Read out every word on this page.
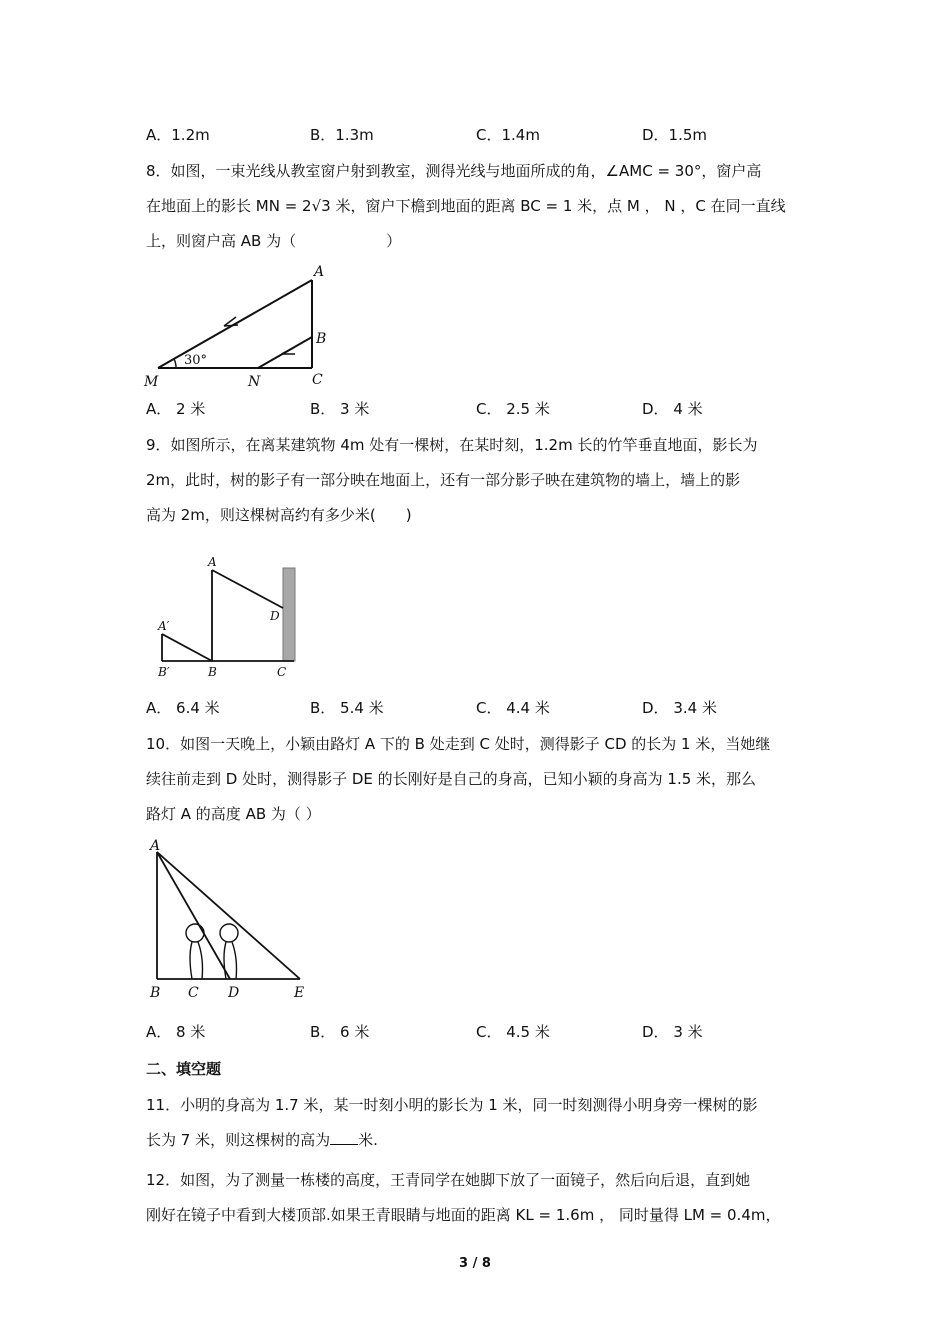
A．1.2m	B．1.3m	C．1.4m	D．1.5m
8．如图，一束光线从教室窗户射到教室，测得光线与地面所成的角，∠AMC = 30°，窗户高
在地面上的影长 MN = 2√3 米，窗户下檐到地面的距离 BC = 1 米，点 M ， N ，C 在同一直线
上，则窗户高 AB 为（　　　　　　）
A
B
C
M	N
30°
A． 2 米	B． 3 米	C． 2.5 米	D． 4 米
9．如图所示，在离某建筑物 4m 处有一棵树，在某时刻，1.2m 长的竹竿垂直地面，影长为
2m，此时，树的影子有一部分映在地面上，还有一部分影子映在建筑物的墙上，墙上的影
高为 2m，则这棵树高约有多少米(　　)
A
A′
B
B′	C
D
A． 6.4 米	B． 5.4 米	C． 4.4 米	D． 3.4 米
10．如图一天晚上，小颖由路灯 A 下的 B 处走到 C 处时，测得影子 CD 的长为 1 米，当她继
续往前走到 D 处时，测得影子 DE 的长刚好是自己的身高，已知小颖的身高为 1.5 米，那么
路灯 A 的高度 AB 为（ ）
A
B C D	E
A． 8 米	B． 6 米	C． 4.5 米	D． 3 米
二、填空题
11．小明的身高为 1.7 米，某一时刻小明的影长为 1 米，同一时刻测得小明身旁一棵树的影
长为 7 米，则这棵树的高为 米.
12．如图，为了测量一栋楼的高度，王青同学在她脚下放了一面镜子，然后向后退，直到她
刚好在镜子中看到大楼顶部.如果王青眼睛与地面的距离 KL = 1.6m ， 同时量得 LM = 0.4m，
3 / 8
